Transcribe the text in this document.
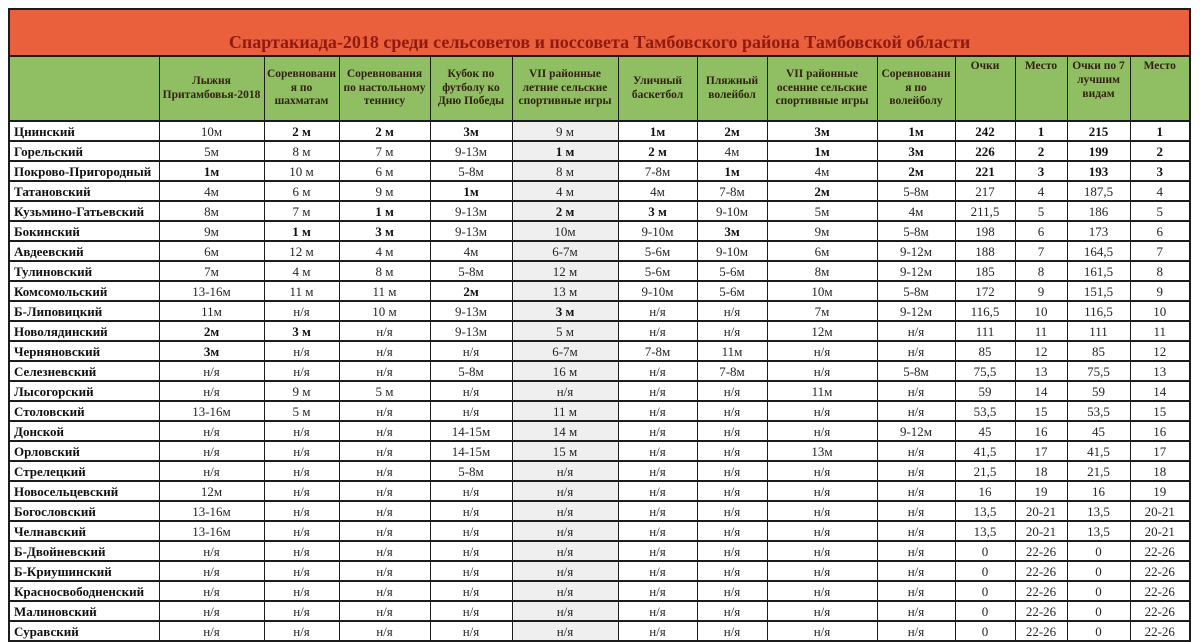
Спартакиада-2018 среди сельсоветов и поссовета Тамбовского района Тамбовской области													
	Лыжня Притамбовья-2018	Соревнования по шахматам	Соревнования по настольному теннису	Кубок по футболу ко Дню Победы	VII районные летние сельские спортивные игры	Уличный баскетбол	Пляжный волейбол	VII районные осенние сельские спортивные игры	Соревнования по волейболу	Очки	Место	Очки по 7 лучшим видам	Место
Цнинский	10м	2 м	2 м	3м	9 м	1м	2м	3м	1м	242	1	215	1
Горельский	5м	8 м	7 м	9-13м	1 м	2 м	4м	1м	3м	226	2	199	2
Покрово-Пригородный	1м	10 м	6 м	5-8м	8 м	7-8м	1м	4м	2м	221	3	193	3
Татановский	4м	6 м	9 м	1м	4 м	4м	7-8м	2м	5-8м	217	4	187,5	4
Кузьмино-Гатьевский	8м	7 м	1 м	9-13м	2 м	3 м	9-10м	5м	4м	211,5	5	186	5
Бокинский	9м	1 м	3 м	9-13м	10м	9-10м	3м	9м	5-8м	198	6	173	6
Авдеевский	6м	12 м	4 м	4м	6-7м	5-6м	9-10м	6м	9-12м	188	7	164,5	7
Тулиновский	7м	4 м	8 м	5-8м	12 м	5-6м	5-6м	8м	9-12м	185	8	161,5	8
Комсомольский	13-16м	11 м	11 м	2м	13 м	9-10м	5-6м	10м	5-8м	172	9	151,5	9
Б-Липовицкий	11м	н/я	10 м	9-13м	3 м	н/я	н/я	7м	9-12м	116,5	10	116,5	10
Новолядинский	2м	3 м	н/я	9-13м	5 м	н/я	н/я	12м	н/я	111	11	111	11
Черняновский	3м	н/я	н/я	н/я	6-7м	7-8м	11м	н/я	н/я	85	12	85	12
Селезневский	н/я	н/я	н/я	5-8м	16 м	н/я	7-8м	н/я	5-8м	75,5	13	75,5	13
Лысогорский	н/я	9 м	5 м	н/я	н/я	н/я	н/я	11м	н/я	59	14	59	14
Столовский	13-16м	5 м	н/я	н/я	11 м	н/я	н/я	н/я	н/я	53,5	15	53,5	15
Донской	н/я	н/я	н/я	14-15м	14 м	н/я	н/я	н/я	9-12м	45	16	45	16
Орловский	н/я	н/я	н/я	14-15м	15 м	н/я	н/я	13м	н/я	41,5	17	41,5	17
Стрелецкий	н/я	н/я	н/я	5-8м	н/я	н/я	н/я	н/я	н/я	21,5	18	21,5	18
Новосельцевский	12м	н/я	н/я	н/я	н/я	н/я	н/я	н/я	н/я	16	19	16	19
Богословский	13-16м	н/я	н/я	н/я	н/я	н/я	н/я	н/я	н/я	13,5	20-21	13,5	20-21
Челнавский	13-16м	н/я	н/я	н/я	н/я	н/я	н/я	н/я	н/я	13,5	20-21	13,5	20-21
Б-Двойневский	н/я	н/я	н/я	н/я	н/я	н/я	н/я	н/я	н/я	0	22-26	0	22-26
Б-Криушинский	н/я	н/я	н/я	н/я	н/я	н/я	н/я	н/я	н/я	0	22-26	0	22-26
Красносвободненский	н/я	н/я	н/я	н/я	н/я	н/я	н/я	н/я	н/я	0	22-26	0	22-26
Малиновский	н/я	н/я	н/я	н/я	н/я	н/я	н/я	н/я	н/я	0	22-26	0	22-26
Суравский	н/я	н/я	н/я	н/я	н/я	н/я	н/я	н/я	н/я	0	22-26	0	22-26
